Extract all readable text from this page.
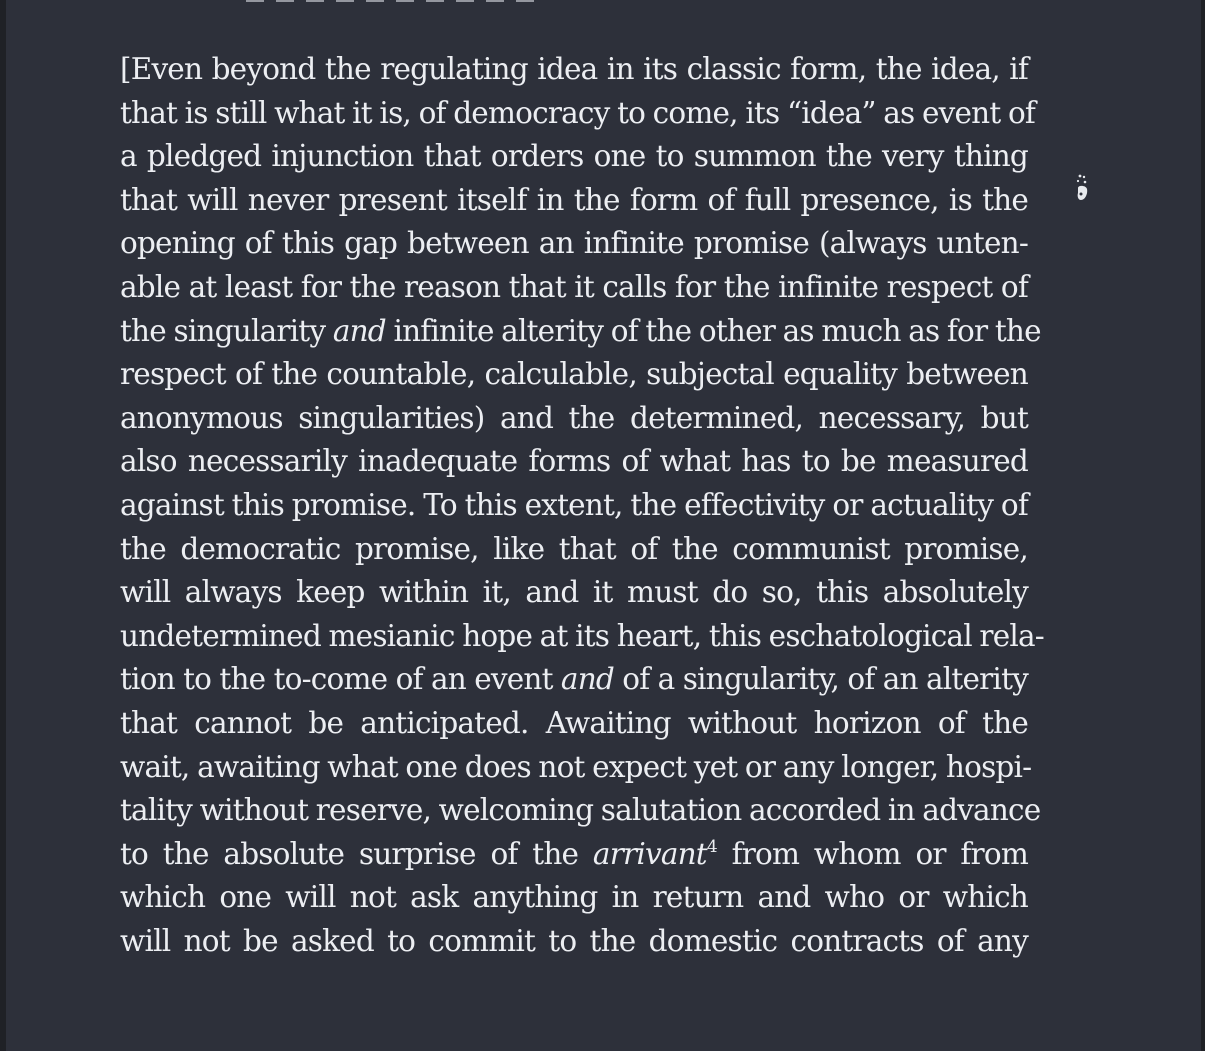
[Even beyond the regulating idea in its classic form, the idea, if
that is still what it is, of democracy to come, its “idea” as event of
a pledged injunction that orders one to summon the very thing
that will never present itself in the form of full presence, is the
opening of this gap between an infinite promise (always unten-
able at least for the reason that it calls for the infinite respect of
the singularity and infinite alterity of the other as much as for the
respect of the countable, calculable, subjectal equality between
anonymous singularities) and the determined, necessary, but
also necessarily inadequate forms of what has to be measured
against this promise. To this extent, the effectivity or actuality of
the democratic promise, like that of the communist promise,
will always keep within it, and it must do so, this absolutely
undetermined mesianic hope at its heart, this eschatological rela-
tion to the to-come of an event and of a singularity, of an alterity
that cannot be anticipated. Awaiting without horizon of the
wait, awaiting what one does not expect yet or any longer, hospi-
tality without reserve, welcoming salutation accorded in advance
to the absolute surprise of the arrivant$^4$ from whom or from
which one will not ask anything in return and who or which
will not be asked to commit to the domestic contracts of any
